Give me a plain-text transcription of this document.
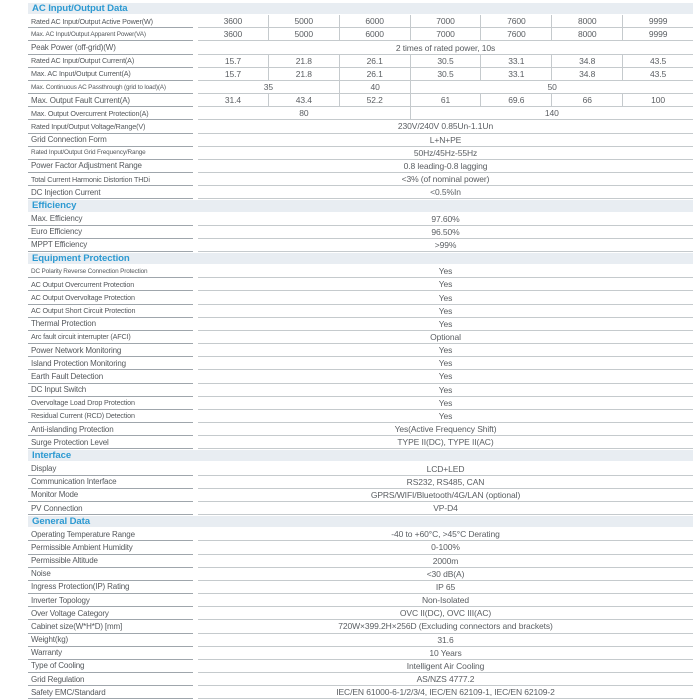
AC Input/Output Data
Rated AC Input/Output Active Power(W)	3600	5000	6000	7000	7600	8000	9999
Max. AC Input/Output Apparent Power(VA)	3600	5000	6000	7000	7600	8000	9999
Peak Power (off-grid)(W)	2 times of rated power, 10s
Rated AC Input/Output Current(A)	15.7	21.8	26.1	30.5	33.1	34.8	43.5
Max. AC Input/Output Current(A)	15.7	21.8	26.1	30.5	33.1	34.8	43.5
Max. Continuous AC Passthrough (grid to load)(A)	35	40	50
Max. Output Fault Current(A)	31.4	43.4	52.2	61	69.6	66	100
Max. Output Overcurrent Protection(A)	80	140
Rated Input/Output Voltage/Range(V)	230V/240V 0.85Un-1.1Un
Grid Connection Form	L+N+PE
Rated Input/Output Grid Frequency/Range	50Hz/45Hz-55Hz
Power Factor Adjustment Range	0.8 leading-0.8 lagging
Total Current Harmonic Distortion THDi	<3% (of nominal power)
DC Injection Current	<0.5%In
Efficiency
Max. Efficiency	97.60%
Euro Efficiency	96.50%
MPPT Efficiency	>99%
Equipment Protection
DC Polarity Reverse Connection Protection	Yes
AC Output Overcurrent Protection	Yes
AC Output Overvoltage Protection	Yes
AC Output Short Circuit Protection	Yes
Thermal Protection	Yes
Arc fault circuit interrupter (AFCI)	Optional
Power Network Monitoring	Yes
Island Protection Monitoring	Yes
Earth Fault Detection	Yes
DC Input Switch	Yes
Overvoltage Load Drop Protection	Yes
Residual Current (RCD) Detection	Yes
Anti-islanding Protection	Yes(Active Frequency Shift)
Surge Protection Level	TYPE II(DC), TYPE II(AC)
Interface
Display	LCD+LED
Communication Interface	RS232, RS485, CAN
Monitor Mode	GPRS/WIFI/Bluetooth/4G/LAN (optional)
PV Connection	VP-D4
General Data
Operating Temperature Range	-40 to +60°C, >45°C Derating
Permissible Ambient Humidity	0-100%
Permissible Altitude	2000m
Noise	<30 dB(A)
Ingress Protection(IP) Rating	IP 65
Inverter Topology	Non-Isolated
Over Voltage Category	OVC II(DC), OVC III(AC)
Cabinet size(W*H*D) [mm]	720W×399.2H×256D (Excluding connectors and brackets)
Weight(kg)	31.6
Warranty	10 Years
Type of Cooling	Intelligent Air Cooling
Grid Regulation	AS/NZS 4777.2
Safety EMC/Standard	IEC/EN 61000-6-1/2/3/4, IEC/EN 62109-1, IEC/EN 62109-2
